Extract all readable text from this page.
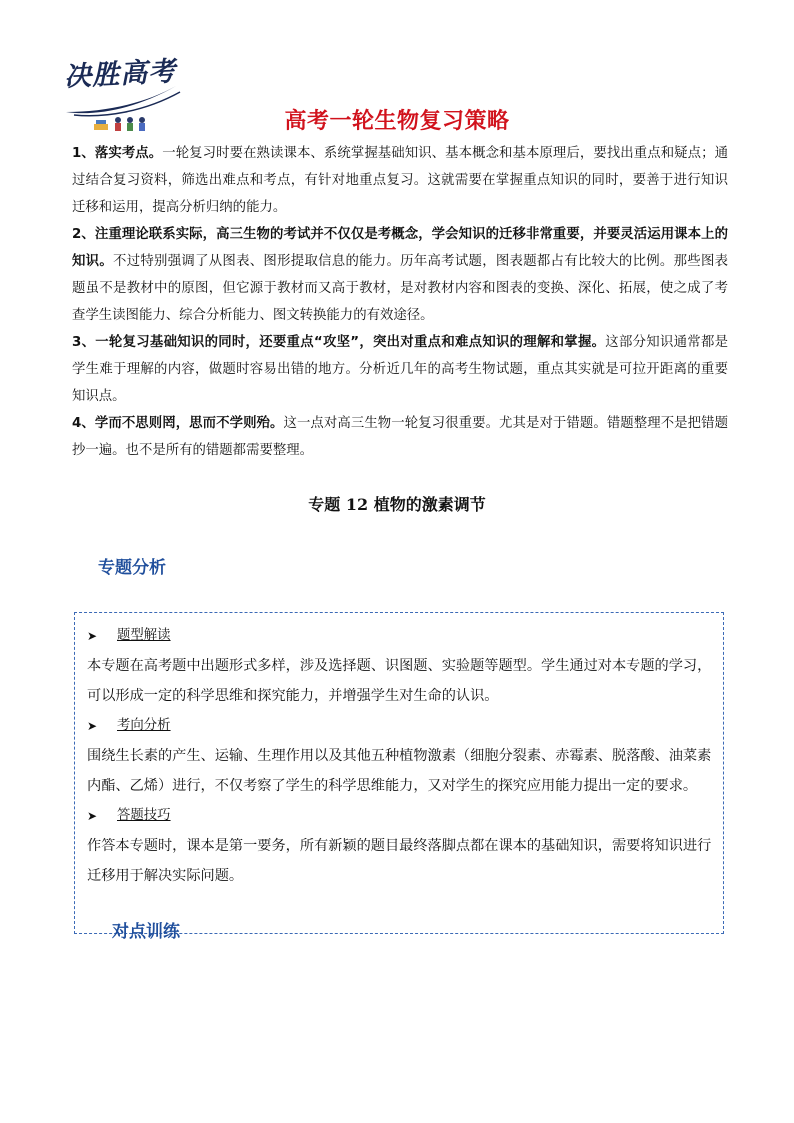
决胜高考
高考一轮生物复习策略

1、落实考点。一轮复习时要在熟读课本、系统掌握基础知识、基本概念和基本原理后，要找出重点和疑点；通过结合复习资料，筛选出难点和考点，有针对地重点复习。这就需要在掌握重点知识的同时，要善于进行知识迁移和运用，提高分析归纳的能力。

2、注重理论联系实际，高三生物的考试并不仅仅是考概念，学会知识的迁移非常重要，并要灵活运用课本上的知识。不过特别强调了从图表、图形提取信息的能力。历年高考试题，图表题都占有比较大的比例。那些图表题虽不是教材中的原图，但它源于教材而又高于教材，是对教材内容和图表的变换、深化、拓展，使之成了考查学生读图能力、综合分析能力、图文转换能力的有效途径。

3、一轮复习基础知识的同时，还要重点“攻坚”，突出对重点和难点知识的理解和掌握。这部分知识通常都是学生难于理解的内容，做题时容易出错的地方。分析近几年的高考生物试题，重点其实就是可拉开距离的重要知识点。

4、学而不思则罔，思而不学则殆。这一点对高三生物一轮复习很重要。尤其是对于错题。错题整理不是把错题抄一遍。也不是所有的错题都需要整理。

专题 12 植物的激素调节
专题分析
➤	题型解读

本专题在高考题中出题形式多样，涉及选择题、识图题、实验题等题型。学生通过对本专题的学习，可以形成一定的科学思维和探究能力，并增强学生对生命的认识。

➤	考向分析

围绕生长素的产生、运输、生理作用以及其他五种植物激素（细胞分裂素、赤霉素、脱落酸、油菜素内酯、乙烯）进行，不仅考察了学生的科学思维能力，又对学生的探究应用能力提出一定的要求。

➤	答题技巧

作答本专题时，课本是第一要务，所有新颖的题目最终落脚点都在课本的基础知识，需要将知识进行迁移用于解决实际问题。

对点训练
